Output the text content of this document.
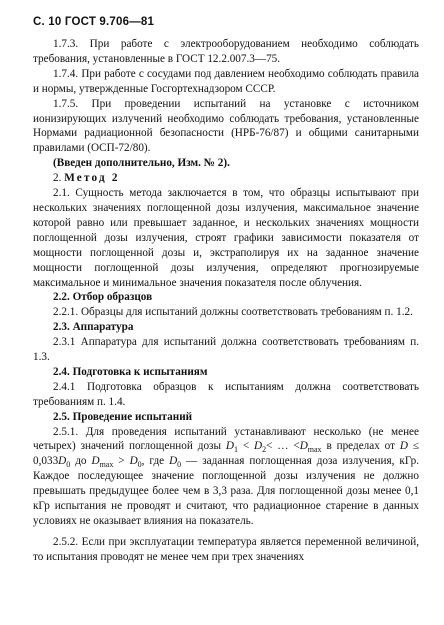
С. 10 ГОСТ 9.706—81

1.7.3. При работе с электрооборудованием необходимо соблюдать требования, установленные в ГОСТ 12.2.007.3—75.

1.7.4. При работе с сосудами под давлением необходимо соблюдать правила и нормы, утвержденные Госгортехнадзором СССР.

1.7.5. При проведении испытаний на установке с источником ионизирующих излучений необходимо соблюдать требования, установленные Нормами радиационной безопасности (НРБ-76/87) и общими санитарными правилами (ОСП-72/80).

(Введен дополнительно, Изм. № 2).

2. Метод 2

2.1. Сущность метода заключается в том, что образцы испытывают при нескольких значениях поглощенной дозы излучения, максимальное значение которой равно или превышает заданное, и нескольких значениях мощности поглощенной дозы излучения, строят графики зависимости показателя от мощности поглощенной дозы и, экстраполируя их на заданное значение мощности поглощенной дозы излучения, определяют прогнозируемые максимальное и минимальное значения показателя после облучения.

2.2. Отбор образцов

2.2.1. Образцы для испытаний должны соответствовать требованиям п. 1.2.

2.3. Аппаратура

2.3.1 Аппаратура для испытаний должна соответствовать требованиям п. 1.3.

2.4. Подготовка к испытаниям

2.4.1 Подготовка образцов к испытаниям должна соответствовать требованиям п. 1.4.

2.5. Проведение испытаний

2.5.1. Для проведения испытаний устанавливают несколько (не менее четырех) значений поглощенной дозы $D_1 < D_2<$ … $<D_{max}$ в пределах от $D \le 0,033D_0$ до $D_{max} > D_0$, где $D_0$ — заданная поглощенная доза излучения, кГр. Каждое последующее значение поглощенной дозы излучения не должно превышать предыдущее более чем в 3,3 раза. Для поглощенной дозы менее 0,1 кГр испытания не проводят и считают, что радиационное старение в данных условиях не оказывает влияния на показатель.

2.5.2. Если при эксплуатации температура является переменной величиной, то испытания проводят не менее чем при трех значениях
